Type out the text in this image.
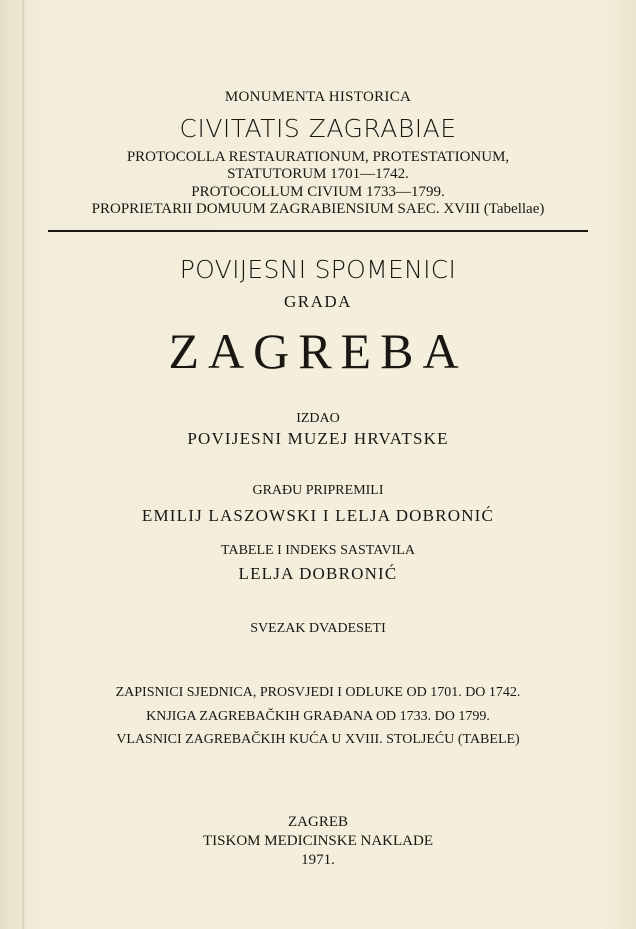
MONUMENTA HISTORICA
CIVITATIS ZAGRABIAE
PROTOCOLLA RESTAURATIONUM, PROTESTATIONUM,
STATUTORUM 1701—1742.
PROTOCOLLUM CIVIUM 1733—1799.
PROPRIETARII DOMUUM ZAGRABIENSIUM SAEC. XVIII (Tabellae)
POVIJESNI SPOMENICI
GRADA
ZAGREBA
IZDAO
POVIJESNI MUZEJ HRVATSKE
GRAĐU PRIPREMILI
EMILIJ LASZOWSKI I LELJA DOBRONIĆ
TABELE I INDEKS SASTAVILA
LELJA DOBRONIĆ
SVEZAK DVADESETI
ZAPISNICI SJEDNICA, PROSVJEDI I ODLUKE OD 1701. DO 1742.
KNJIGA ZAGREBAČKIH GRAĐANA OD 1733. DO 1799.
VLASNICI ZAGREBAČKIH KUĆA U XVIII. STOLJEĆU (TABELE)
ZAGREB
TISKOM MEDICINSKE NAKLADE
1971.
